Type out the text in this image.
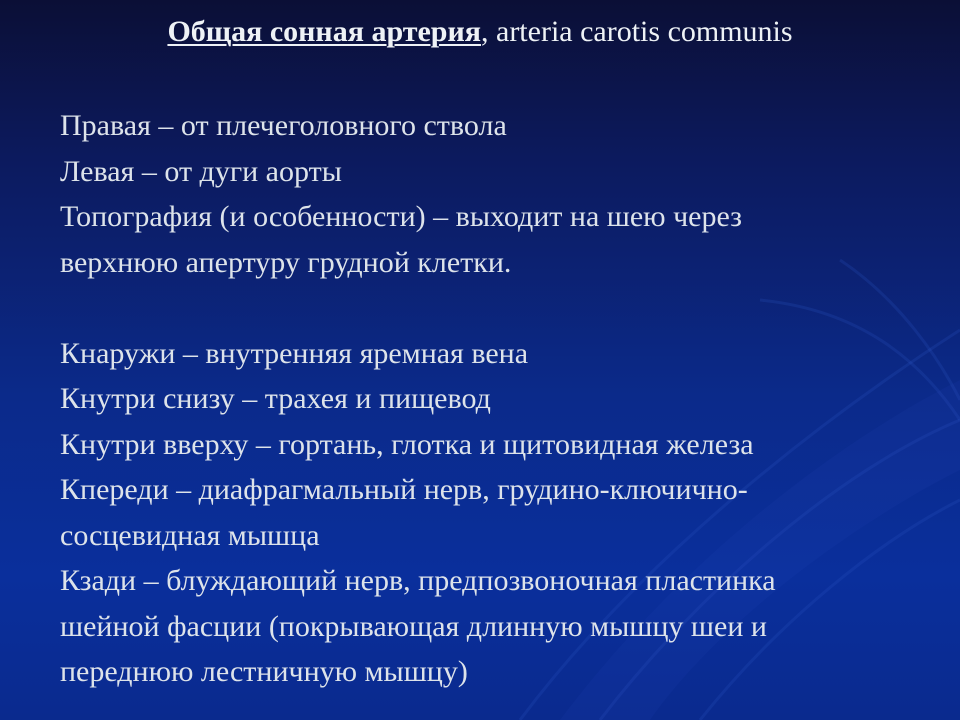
Общая сонная артерия, arteria carotis communis
Правая – от плечеголовного ствола
Левая – от дуги аорты
Топография (и особенности) – выходит на шею через
верхнюю апертуру грудной клетки.
Кнаружи – внутренняя яремная вена
Кнутри снизу – трахея и пищевод
Кнутри вверху – гортань, глотка и щитовидная железа
Кпереди – диафрагмальный нерв, грудино-ключично-
сосцевидная мышца
Кзади – блуждающий нерв, предпозвоночная пластинка
шейной фасции (покрывающая длинную мышцу шеи и
переднюю лестничную мышцу)
